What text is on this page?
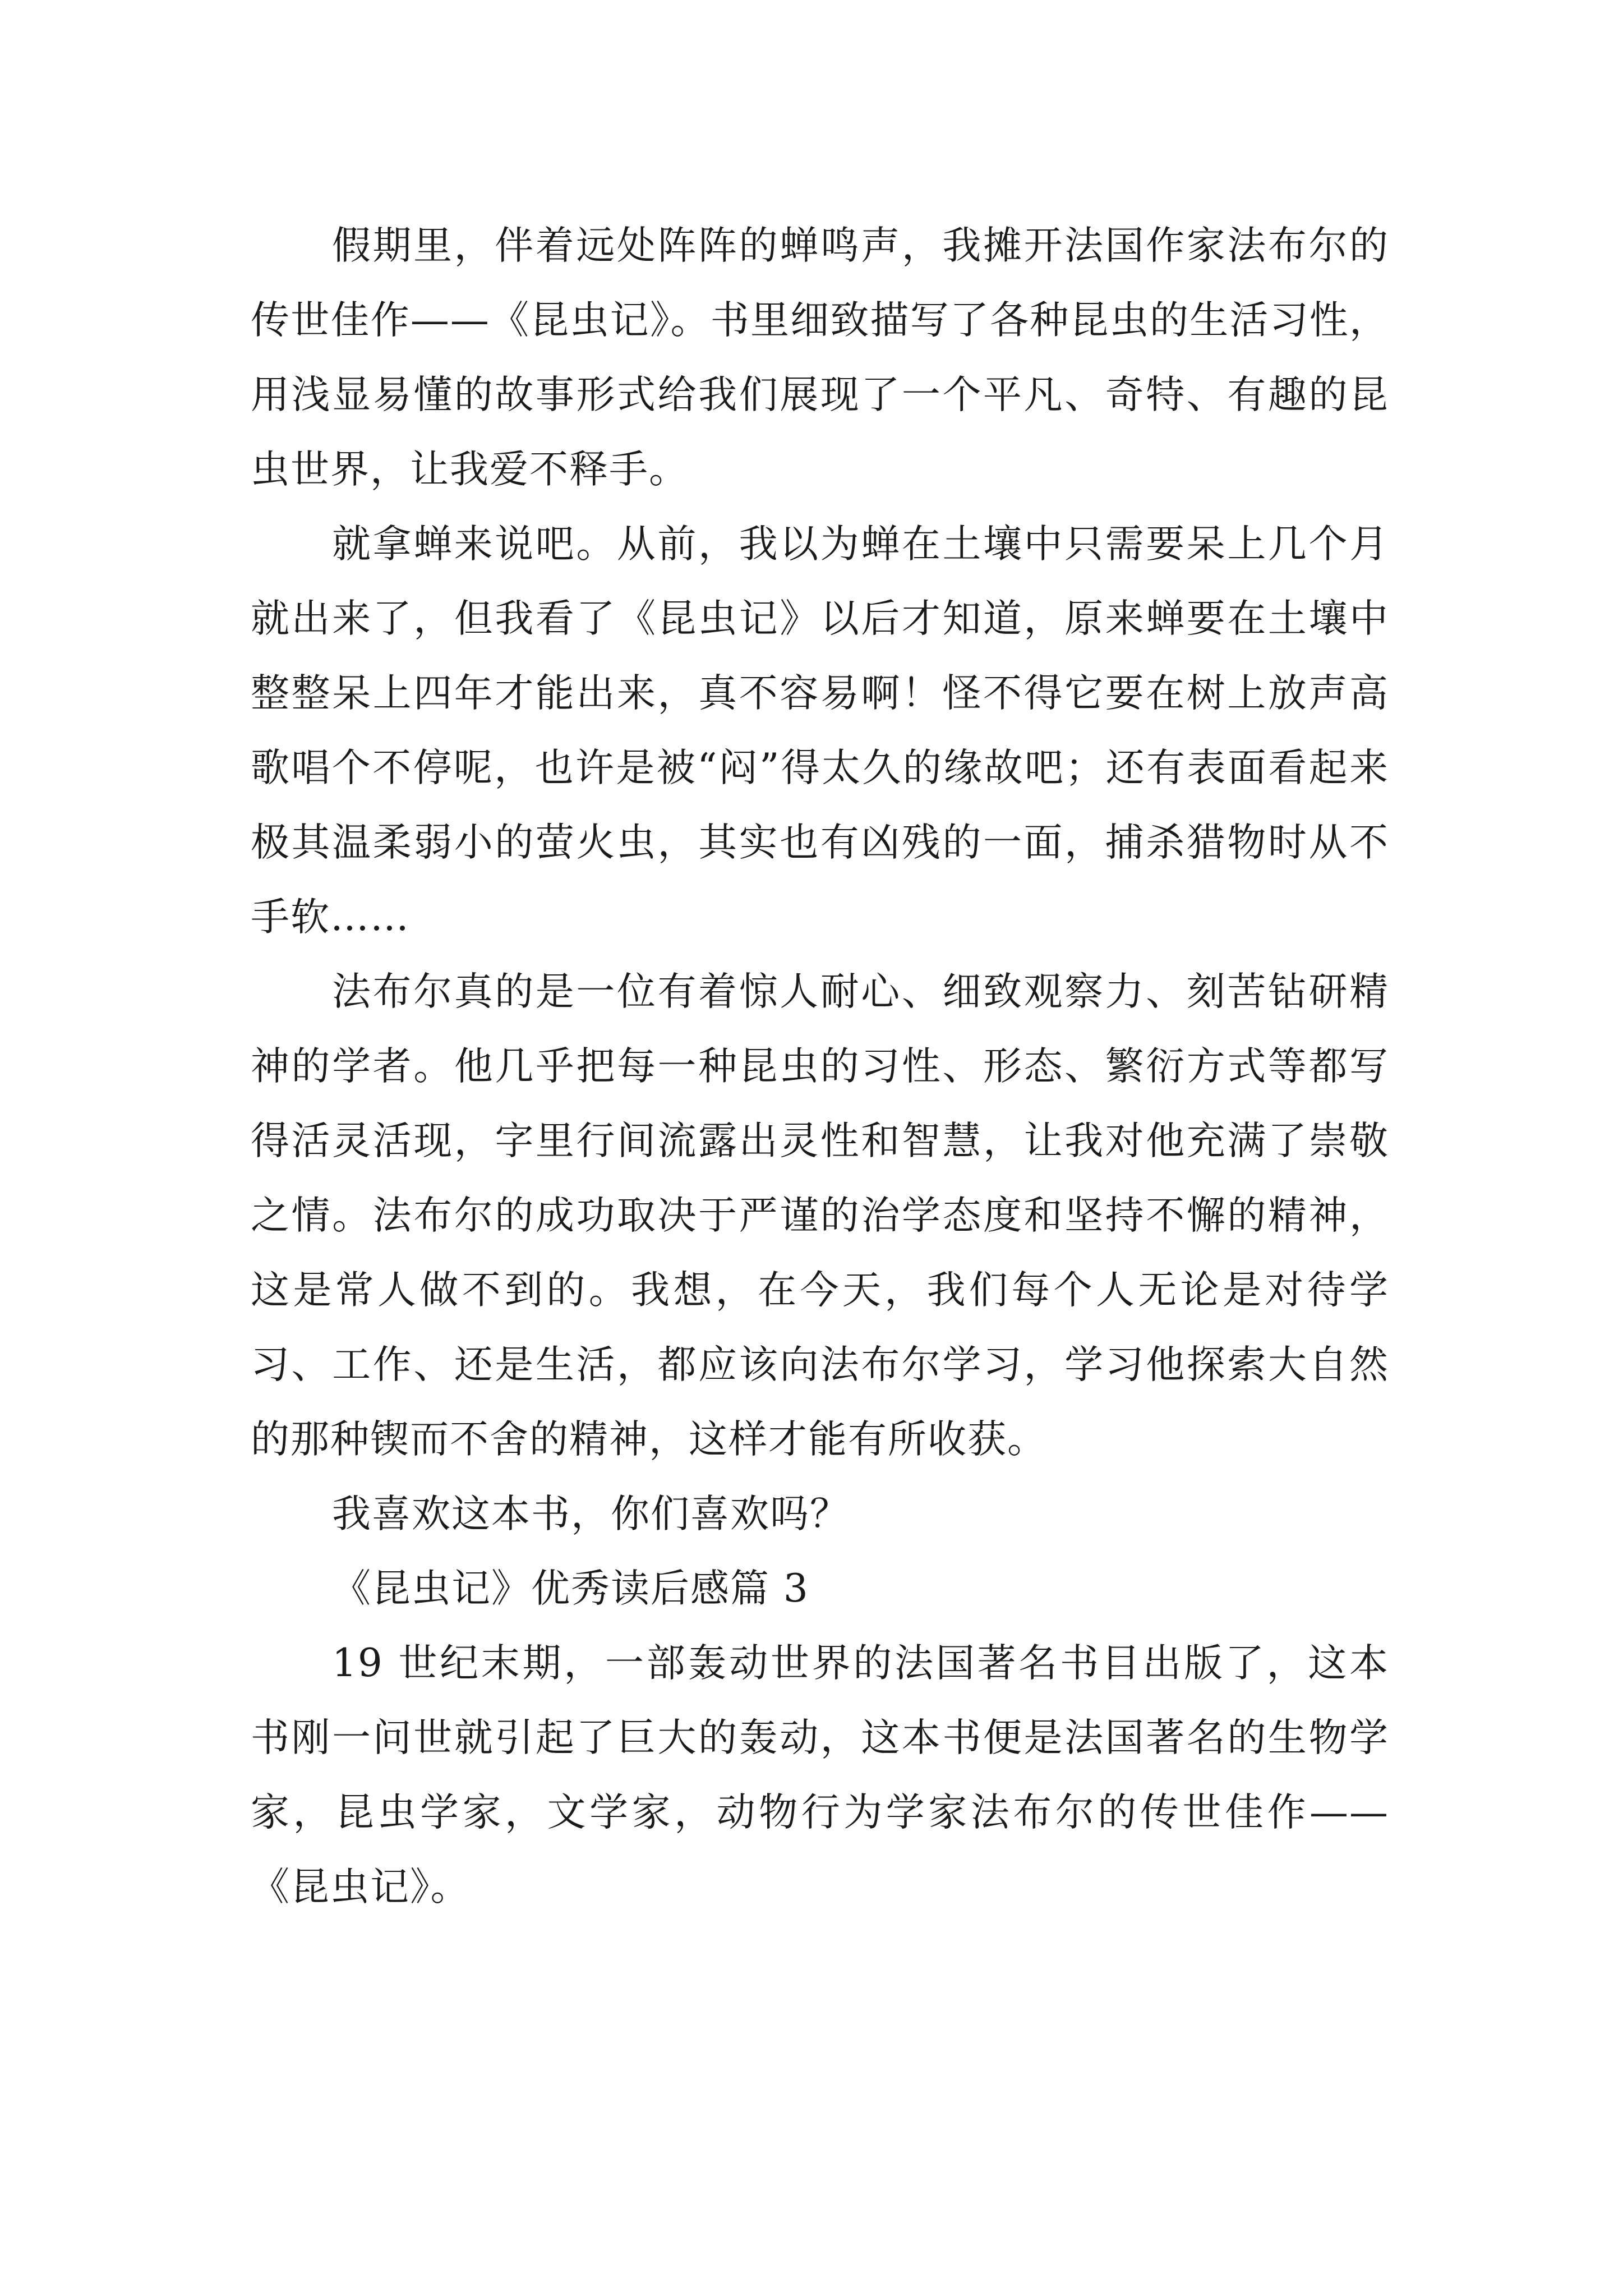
假期里，伴着远处阵阵的蝉鸣声，我摊开法国作家法布尔的传世佳作——《昆虫记》。书里细致描写了各种昆虫的生活习性，用浅显易懂的故事形式给我们展现了一个平凡、奇特、有趣的昆虫世界，让我爱不释手。

就拿蝉来说吧。从前，我以为蝉在土壤中只需要呆上几个月就出来了，但我看了《昆虫记》以后才知道，原来蝉要在土壤中整整呆上四年才能出来，真不容易啊！怪不得它要在树上放声高歌唱个不停呢，也许是被“闷”得太久的缘故吧；还有表面看起来极其温柔弱小的萤火虫，其实也有凶残的一面，捕杀猎物时从不手软……

法布尔真的是一位有着惊人耐心、细致观察力、刻苦钻研精神的学者。他几乎把每一种昆虫的习性、形态、繁衍方式等都写得活灵活现，字里行间流露出灵性和智慧，让我对他充满了崇敬之情。法布尔的成功取决于严谨的治学态度和坚持不懈的精神，这是常人做不到的。我想，在今天，我们每个人无论是对待学习、工作、还是生活，都应该向法布尔学习，学习他探索大自然的那种锲而不舍的精神，这样才能有所收获。

我喜欢这本书，你们喜欢吗？

《昆虫记》优秀读后感篇 3

19 世纪末期，一部轰动世界的法国著名书目出版了，这本书刚一问世就引起了巨大的轰动，这本书便是法国著名的生物学家，昆虫学家，文学家，动物行为学家法布尔的传世佳作——《昆虫记》。
